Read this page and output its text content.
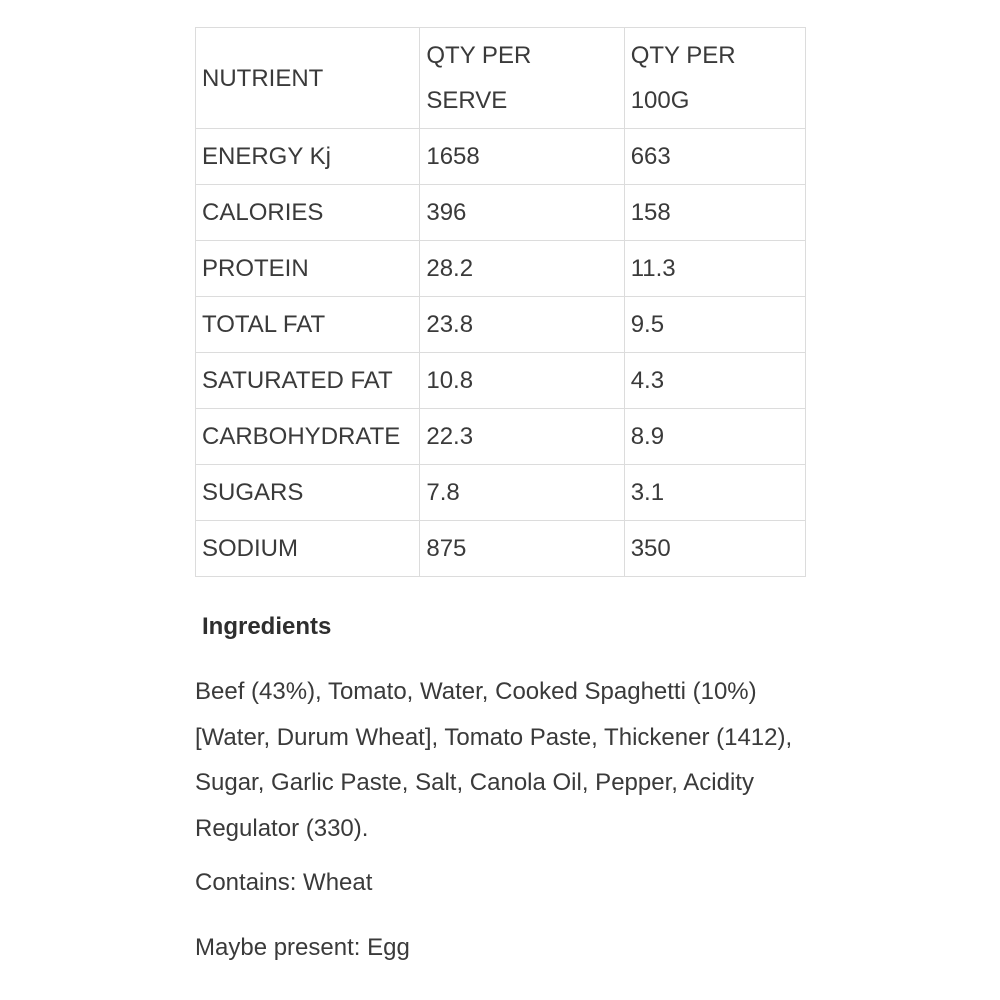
NUTRIENT	QTY PER SERVE	QTY PER 100G
ENERGY Kj	1658	663
CALORIES	396	158
PROTEIN	28.2	11.3
TOTAL FAT	23.8	9.5
SATURATED FAT	10.8	4.3
CARBOHYDRATE	22.3	8.9
SUGARS	7.8	3.1
SODIUM	875	350
Ingredients

Beef (43%), Tomato, Water, Cooked Spaghetti (10%) [Water, Durum Wheat], Tomato Paste, Thickener (1412), Sugar, Garlic Paste, Salt, Canola Oil, Pepper, Acidity Regulator (330).

Contains: Wheat

Maybe present: Egg
